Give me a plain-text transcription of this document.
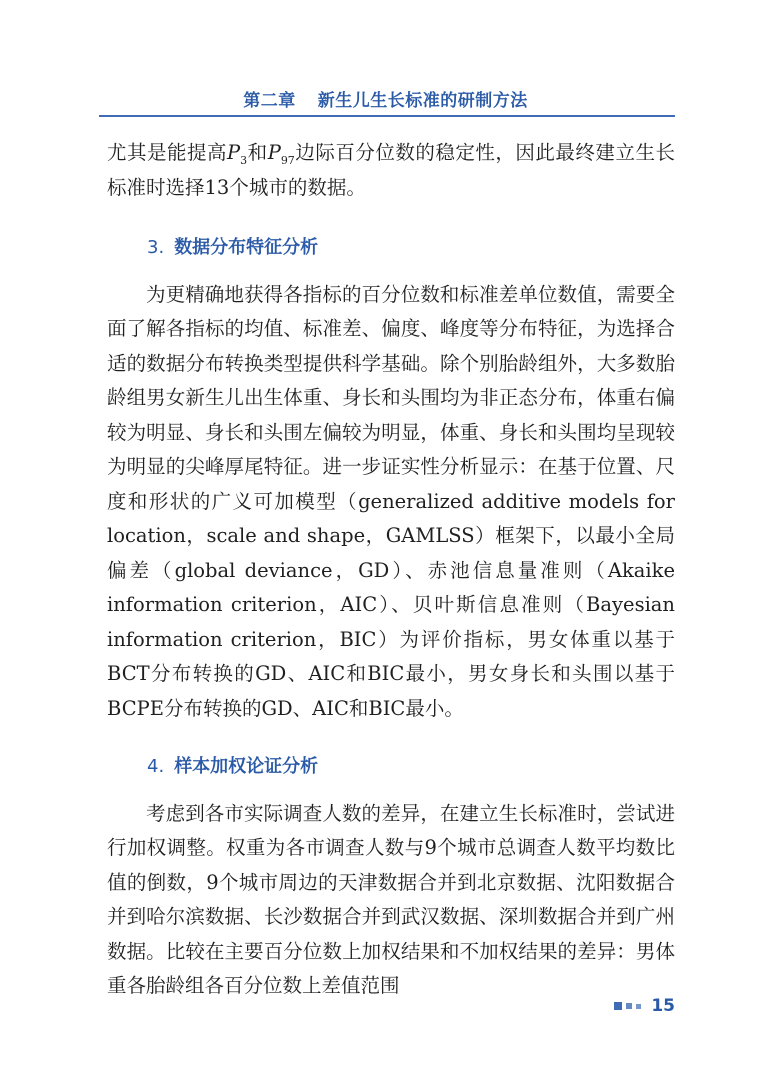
第二章 新生儿生长标准的研制方法

尤其是能提高$P_3$和$P_{97}$边际百分位数的稳定性，因此最终建立生长标准时选择13个城市的数据。

3. 数据分布特征分析

为更精确地获得各指标的百分位数和标准差单位数值，需要全面了解各指标的均值、标准差、偏度、峰度等分布特征，为选择合适的数据分布转换类型提供科学基础。除个别胎龄组外，大多数胎龄组男女新生儿出生体重、身长和头围均为非正态分布，体重右偏较为明显、身长和头围左偏较为明显，体重、身长和头围均呈现较为明显的尖峰厚尾特征。进一步证实性分析显示：在基于位置、尺度和形状的广义可加模型（generalized additive models for location，scale and shape，GAMLSS）框架下，以最小全局偏差（global deviance，GD）、赤池信息量准则（Akaike information criterion，AIC）、贝叶斯信息准则（Bayesian information criterion，BIC）为评价指标，男女体重以基于BCT分布转换的GD、AIC和BIC最小，男女身长和头围以基于BCPE分布转换的GD、AIC和BIC最小。

4. 样本加权论证分析

考虑到各市实际调查人数的差异，在建立生长标准时，尝试进行加权调整。权重为各市调查人数与9个城市总调查人数平均数比值的倒数，9个城市周边的天津数据合并到北京数据、沈阳数据合并到哈尔滨数据、长沙数据合并到武汉数据、深圳数据合并到广州数据。比较在主要百分位数上加权结果和不加权结果的差异：男体重各胎龄组各百分位数上差值范围

15
